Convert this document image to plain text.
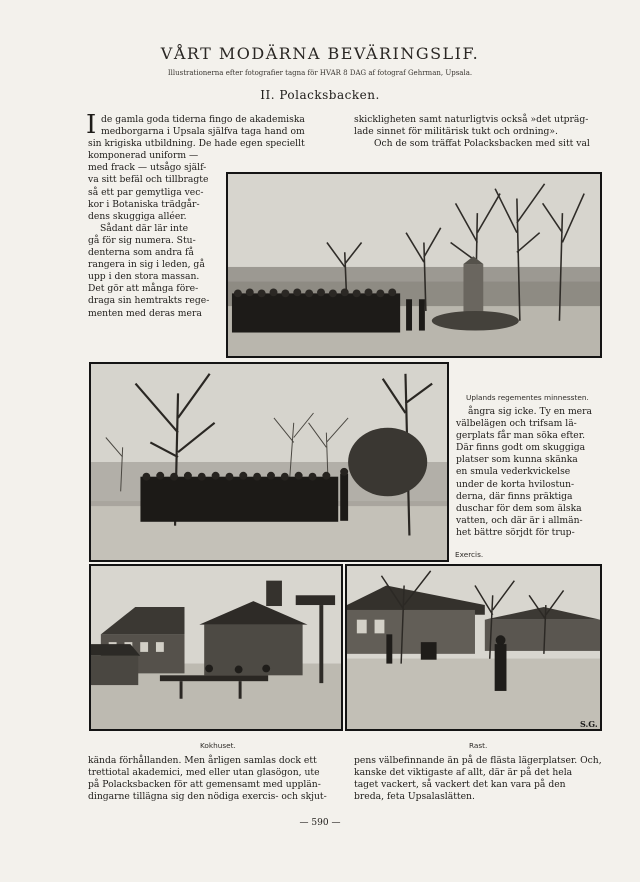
VÅRT MODÄRNA BEVÄRINGSLIF.
Illustrationerna efter fotografier tagna för HVAR 8 DAG af fotograf Gehrman, Upsala.
II. Polacksbacken.
I de gamla goda tiderna fingo de akademiska
medborgarna i Upsala själfva taga hand om
sin krigiska utbildning. De hade egen speciellt
komponerad uniform —
med frack — utsågo själf-
va sitt befäl och tillbragte
så ett par gemytliga vec-
kor i Botaniska trädgår-
dens skuggiga alléer.
Sådant där lär inte
gå för sig numera. Stu-
denterna som andra få
rangera in sig i leden, gå
upp i den stora massan.
Det gör att många före-
draga sin hemtrakts rege-
menten med deras mera
skickligheten samt naturligtvis också »det utpräg-
lade sinnet för militärisk tukt och ordning».
Och de som träffat Polacksbacken med sitt val
Uplands regementes minnessten.
ångra sig icke. Ty en mera
välbelägen och trifsam lä-
gerplats får man söka efter.
Där finns godt om skuggiga
platser som kunna skänka
en smula vederkvickelse
under de korta hvilostun-
derna, där finns präktiga
duschar för dem som älska
vatten, och där är i allmän-
het bättre sörjdt för trup-
Exercis.
S.G.
Kokhuset.	Rast.
kända förhållanden. Men årligen samlas dock ett
trettiotal akademici, med eller utan glasögon, ute
på Polacksbacken för att gemensamt med upplän-
dingarne tillägna sig den nödiga exercis- och skjut-
pens välbefinnande än på de flästa lägerplatser. Och,
kanske det viktigaste af allt, där är på det hela
taget vackert, så vackert det kan vara på den
breda, feta Upsalaslätten.
— 590 —
